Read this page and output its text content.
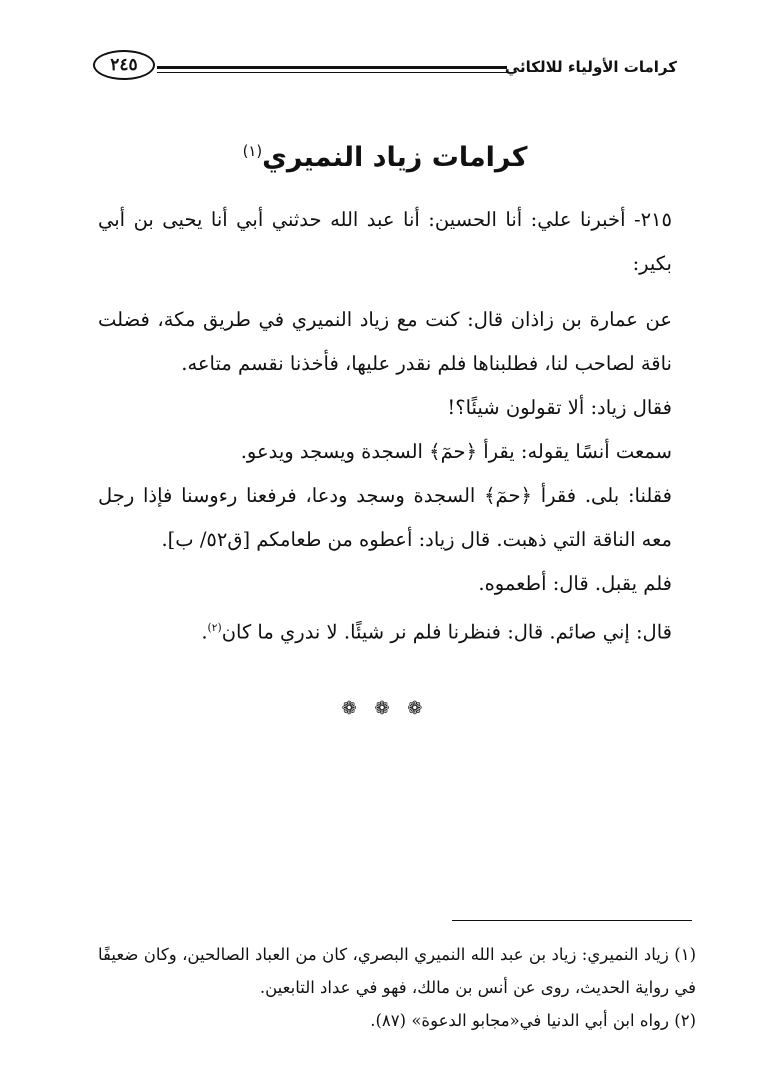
كرامات الأولياء للالكائي
٢٤٥
كرامات زياد النميري$^{(١)}$

٢١٥- أخبرنا علي: أنا الحسين: أنا عبد الله حدثني أبي أنا يحيى بن أبي بكير:

عن عمارة بن زاذان قال: كنت مع زياد النميري في طريق مكة، فضلت ناقة لصاحب لنا، فطلبناها فلم نقدر عليها، فأخذنا نقسم متاعه.

فقال زياد: ألا تقولون شيئًا؟!

سمعت أنسًا يقوله: يقرأ ﴿حمٓ﴾ السجدة ويسجد ويدعو.

فقلنا: بلى. فقرأ ﴿حمٓ﴾ السجدة وسجد ودعا، فرفعنا رءوسنا فإذا رجل معه الناقة التي ذهبت. قال زياد: أعطوه من طعامكم [ق٥٢/ ب].

فلم يقبل. قال: أطعموه.

قال: إني صائم. قال: فنظرنا فلم نر شيئًا. لا ندري ما كان$^{(٢)}$.

❁ ❁ ❁

(١) زياد النميري: زياد بن عبد الله النميري البصري، كان من العباد الصالحين، وكان ضعيفًا في رواية الحديث، روى عن أنس بن مالك، فهو في عداد التابعين.

(٢) رواه ابن أبي الدنيا في«مجابو الدعوة» (٨٧).
